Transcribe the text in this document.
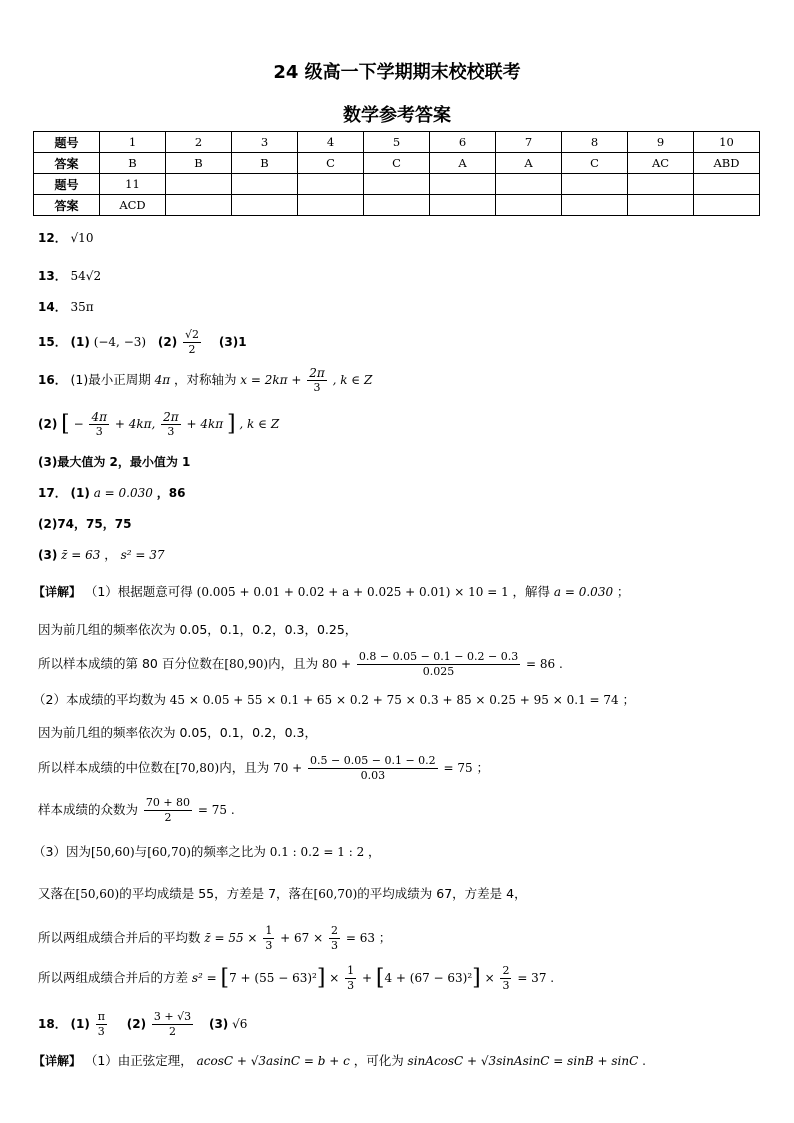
24 级高一下学期期末校校联考
数学参考答案
题号	1	2	3	4	5	6	7	8	9	10
答案	B	B	B	C	C	A	A	C	AC	ABD
题号	11									
答案	ACD									
12． √10
13． 54√2
14． 35π
15． (1) (−4, −3) $(2) \frac{√2}{2} (3)1$
16． (1)最小正周期 4π ，对称轴为 $x = 2k\pi + \frac{2\pi}{3}$ , k ∈ Z
(2) [ − $\frac{4\pi}{3} + 4k\pi$, $\frac{2\pi}{3} + 4k\pi$ ] , k ∈ Z
(3)最大值为 2，最小值为 1
17． (1) a = 0.030 ，86
(2)74，75，75
(3) z̄ = 63 ， s² = 37
【详解】 （1）根据题意可得 (0.005 + 0.01 + 0.02 + a + 0.025 + 0.01) × 10 = 1 ，解得 a = 0.030 ；
因为前几组的频率依次为 0.05，0.1，0.2，0.3，0.25，
所以样本成绩的第 80 百分位数在[80,90)内，且为 $80 + \frac{0.8 - 0.05 - 0.1 - 0.2 - 0.3}{0.025} = 86$ .
（2）本成绩的平均数为 45 × 0.05 + 55 × 0.1 + 65 × 0.2 + 75 × 0.3 + 85 × 0.25 + 95 × 0.1 = 74 ；
因为前几组的频率依次为 0.05，0.1，0.2，0.3，
所以样本成绩的中位数在[70,80)内，且为 $70 + \frac{0.5 - 0.05 - 0.1 - 0.2}{0.03} = 75$ ；
样本成绩的众数为 $\frac{70 + 80}{2} = 75$ .
（3）因为[50,60)与[60,70)的频率之比为 0.1 : 0.2 = 1 : 2 ，
又落在[50,60)的平均成绩是 55，方差是 7，落在[60,70)的平均成绩为 67，方差是 4，
所以两组成绩合并后的平均数 z̄ = $55 \times \frac{1}{3} + 67 \times \frac{2}{3} = 63$ ；
所以两组成绩合并后的方差 $s^2 = [7 + (55 - 63)^2] \times \frac{1}{3} + [4 + (67 - 63)^2] \times \frac{2}{3} = 37$ .
18． $(1) \frac{\pi}{3} (2) \frac{3 + √3}{2} (3)$ √6
【详解】 （1）由正弦定理， acosC + √3asinC = b + c ，可化为 sinAcosC + √3sinAsinC = sinB + sinC .
